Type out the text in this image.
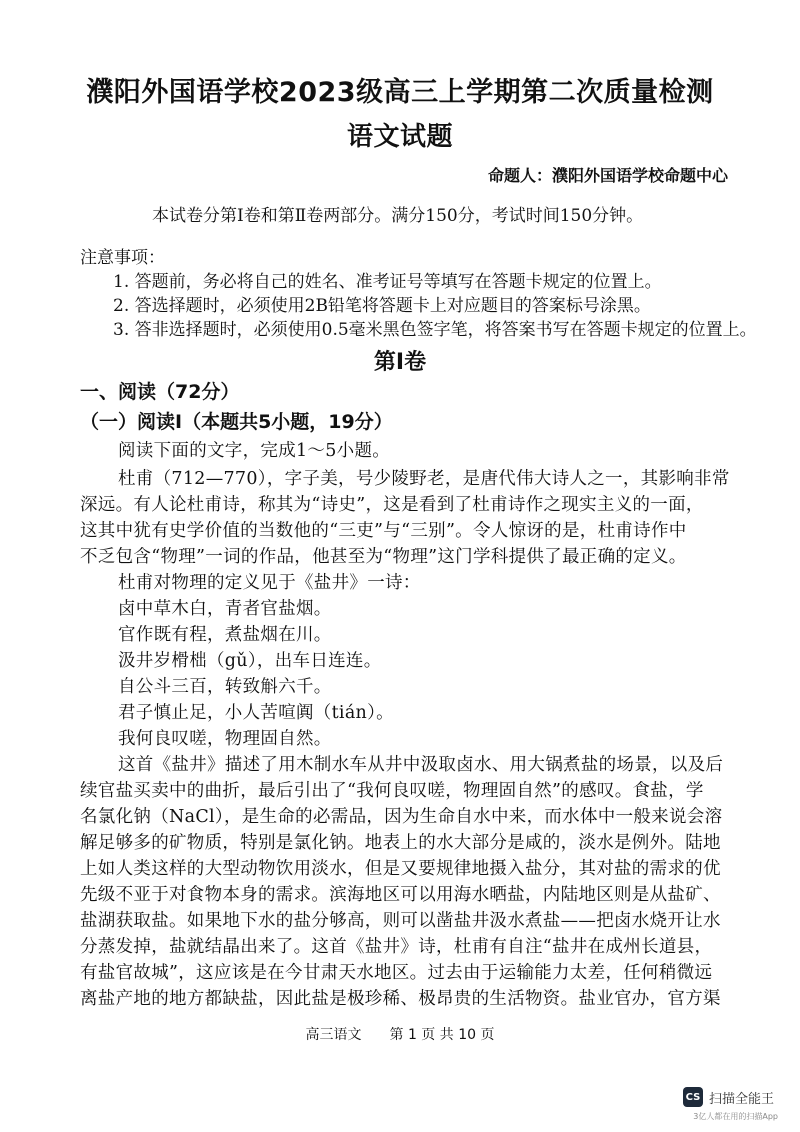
濮阳外国语学校2023级高三上学期第二次质量检测
语文试题
命题人：濮阳外国语学校命题中心
本试卷分第Ⅰ卷和第Ⅱ卷两部分。满分150分，考试时间150分钟。
注意事项：
1. 答题前，务必将自己的姓名、准考证号等填写在答题卡规定的位置上。
2. 答选择题时，必须使用2B铅笔将答题卡上对应题目的答案标号涂黑。
3. 答非选择题时，必须使用0.5毫米黑色签字笔，将答案书写在答题卡规定的位置上。
第Ⅰ卷
一、阅读（72分）
（一）阅读Ⅰ（本题共5小题，19分）
阅读下面的文字，完成1～5小题。
杜甫（712—770），字子美，号少陵野老，是唐代伟大诗人之一，其影响非常
深远。有人论杜甫诗，称其为“诗史”，这是看到了杜甫诗作之现实主义的一面，
这其中犹有史学价值的当数他的“三吏”与“三别”。令人惊讶的是，杜甫诗作中
不乏包含“物理”一词的作品，他甚至为“物理”这门学科提供了最正确的定义。
杜甫对物理的定义见于《盐井》一诗：
卤中草木白，青者官盐烟。
官作既有程，煮盐烟在川。
汲井岁榾柮（gǔ），出车日连连。
自公斗三百，转致斛六千。
君子慎止足，小人苦喧阗（tián）。
我何良叹嗟，物理固自然。
这首《盐井》描述了用木制水车从井中汲取卤水、用大锅煮盐的场景，以及后
续官盐买卖中的曲折，最后引出了“我何良叹嗟，物理固自然”的感叹。食盐，学
名氯化钠（NaCl），是生命的必需品，因为生命自水中来，而水体中一般来说会溶
解足够多的矿物质，特别是氯化钠。地表上的水大部分是咸的，淡水是例外。陆地
上如人类这样的大型动物饮用淡水，但是又要规律地摄入盐分，其对盐的需求的优
先级不亚于对食物本身的需求。滨海地区可以用海水晒盐，内陆地区则是从盐矿、
盐湖获取盐。如果地下水的盐分够高，则可以凿盐井汲水煮盐——把卤水烧开让水
分蒸发掉，盐就结晶出来了。这首《盐井》诗，杜甫有自注“盐井在成州长道县，
有盐官故城”，这应该是在今甘肃天水地区。过去由于运输能力太差，任何稍微远
离盐产地的地方都缺盐，因此盐是极珍稀、极昂贵的生活物资。盐业官办，官方渠
高三语文　　第 1 页 共 10 页
CS 扫描全能王
3亿人都在用的扫描App
